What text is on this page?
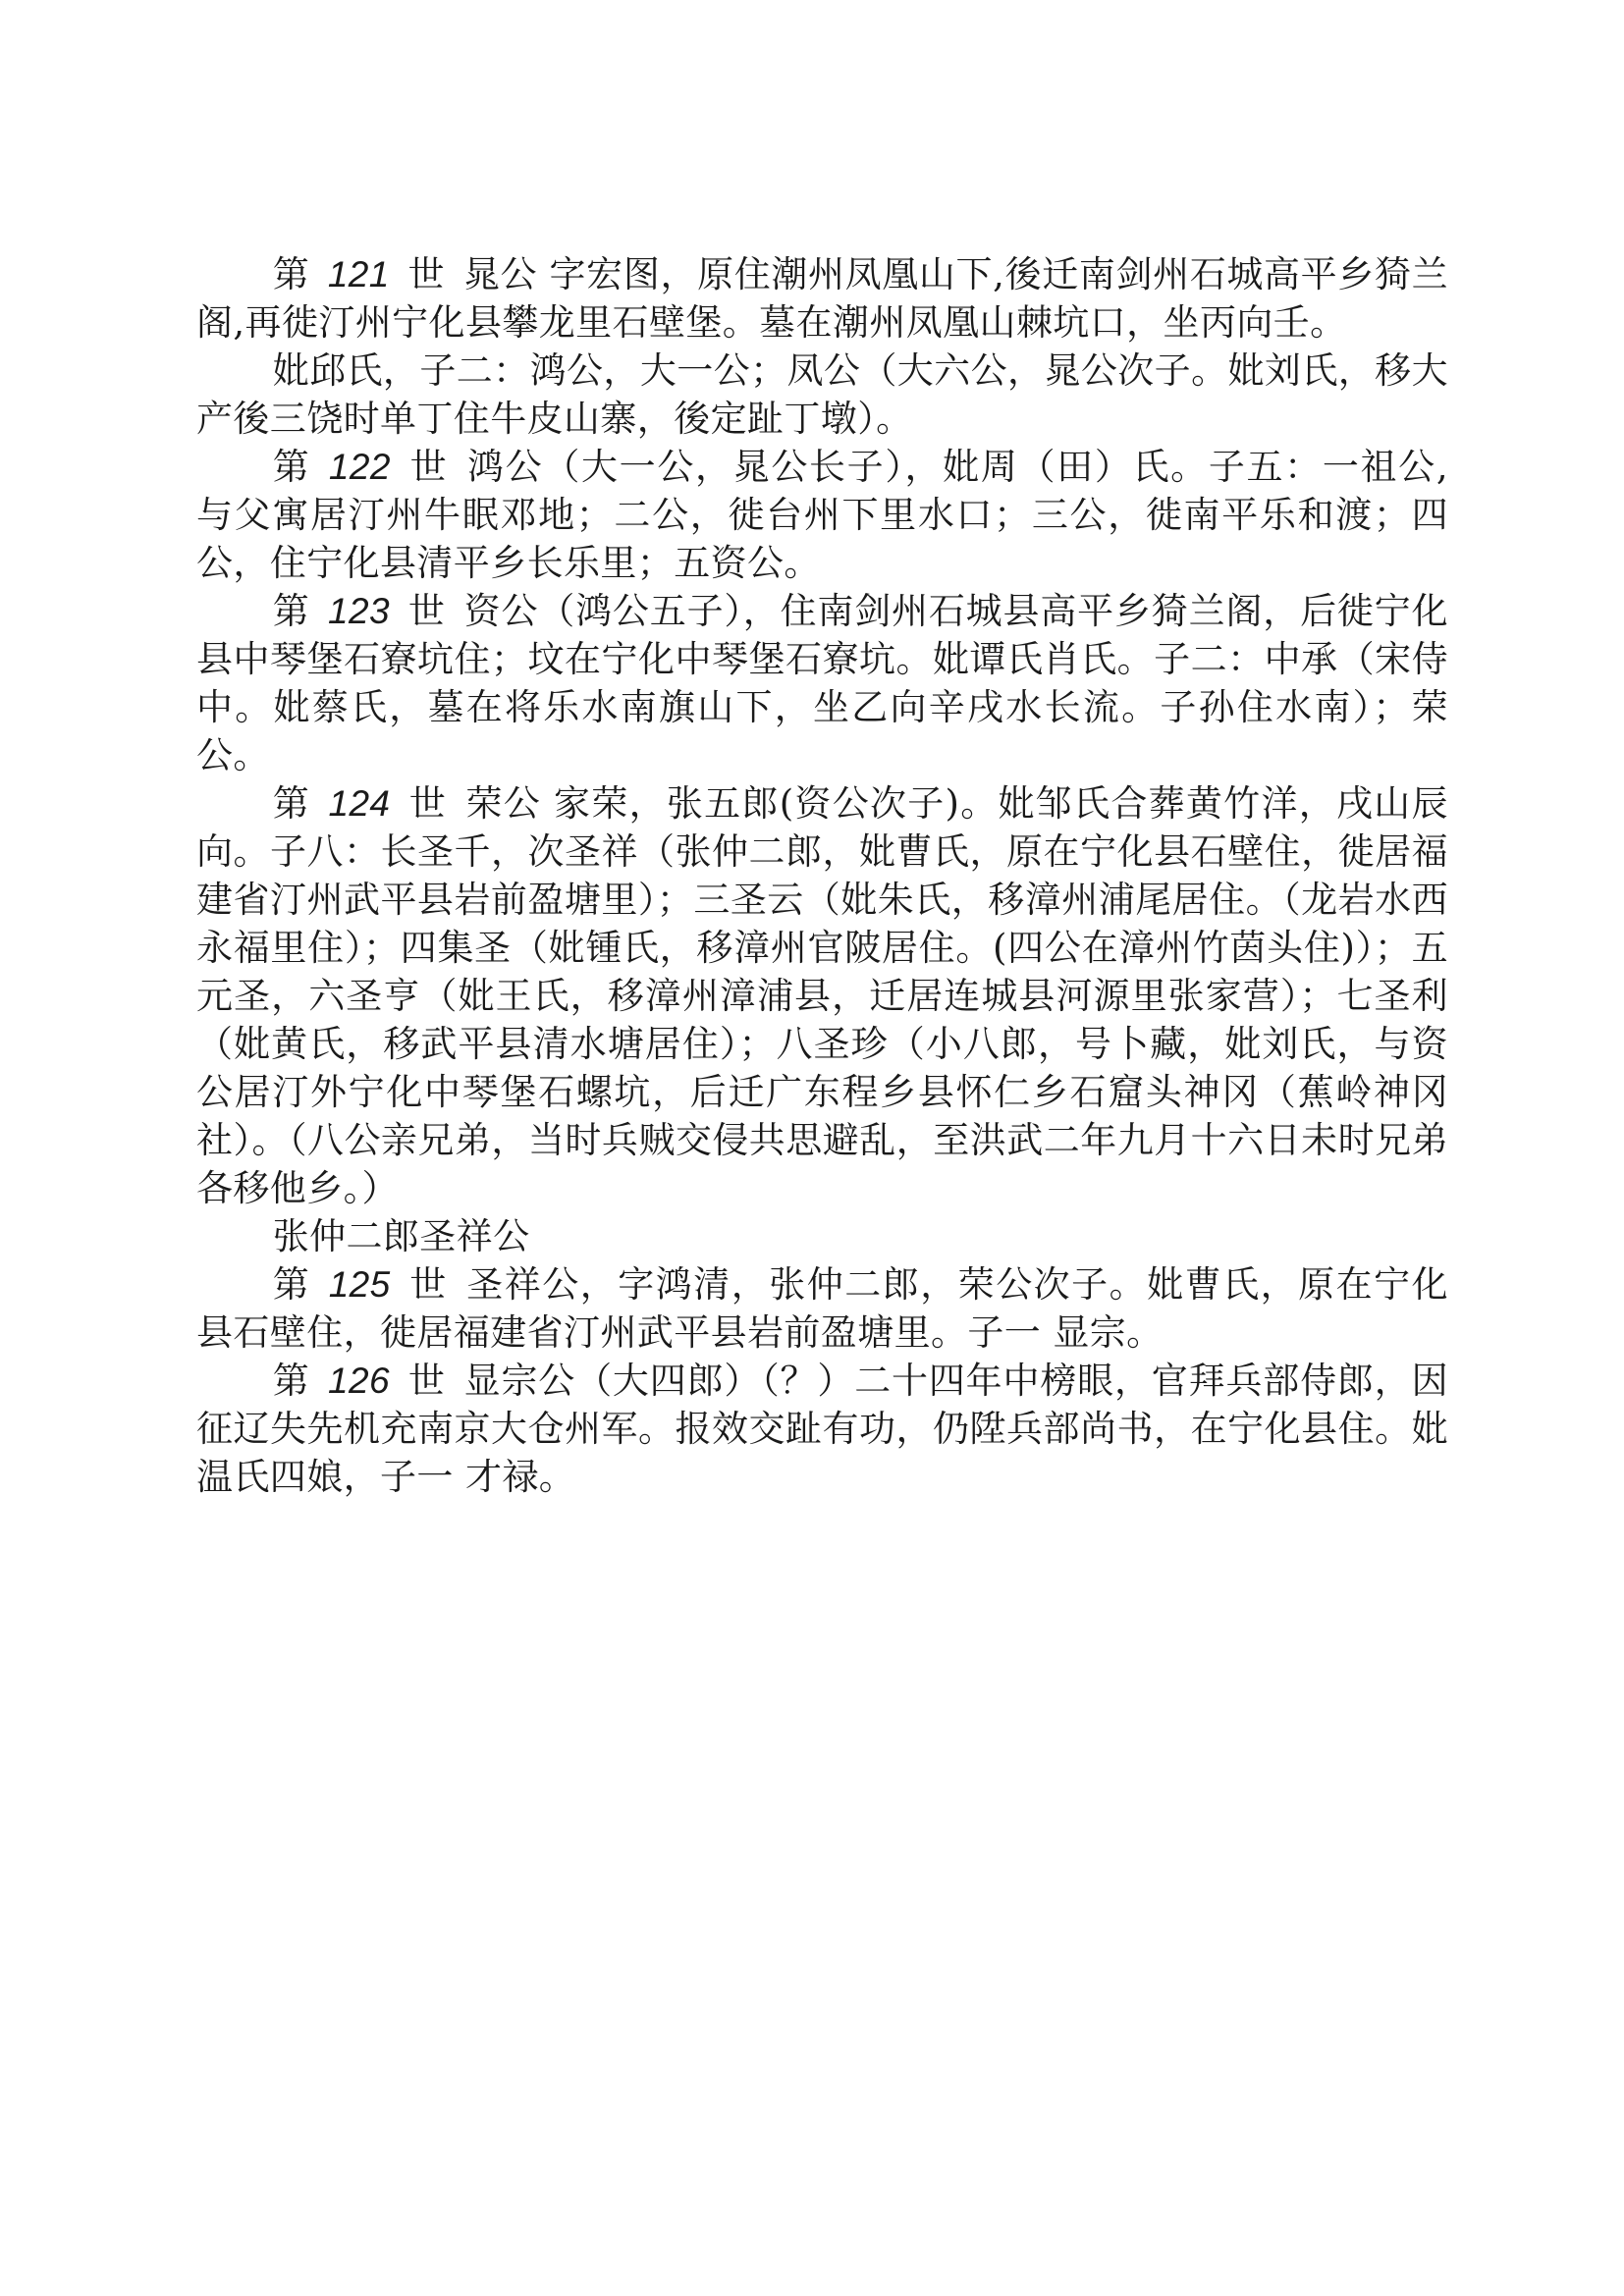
第 121 世 晁公 字宏图，原住潮州凤凰山下,後迁南剑州石城高平乡猗兰阁,再徙汀州宁化县攀龙里石壁堡。墓在潮州凤凰山棘坑口，坐丙向壬。

妣邱氏，子二：鸿公，大一公；凤公（大六公，晁公次子。妣刘氏，移大产後三饶时单丁住牛皮山寨，後定趾丁墩）。

第 122 世 鸿公（大一公，晁公长子），妣周（田）氏。子五：一祖公, 与父寓居汀州牛眠邓地；二公，徙台州下里水口；三公，徙南平乐和渡；四公，住宁化县清平乡长乐里；五资公。

第 123 世 资公（鸿公五子），住南剑州石城县高平乡猗兰阁，后徙宁化县中琴堡石寮坑住；坟在宁化中琴堡石寮坑。妣谭氏肖氏。子二：中承（宋侍中。妣蔡氏，墓在将乐水南旗山下，坐乙向辛戌水长流。子孙住水南）；荣公。

第 124 世 荣公 家荣，张五郎(资公次子)。妣邹氏合葬黄竹洋，戌山辰向。子八：长圣千，次圣祥（张仲二郎，妣曹氏，原在宁化县石壁住，徙居福建省汀州武平县岩前盈塘里）；三圣云（妣朱氏，移漳州浦尾居住。（龙岩水西永福里住）；四集圣（妣锺氏，移漳州官陂居住。(四公在漳州竹茵头住)）；五元圣，六圣亨（妣王氏，移漳州漳浦县，迁居连城县河源里张家营）；七圣利（妣黄氏，移武平县清水塘居住）；八圣珍（小八郎，号卜藏，妣刘氏，与资公居汀外宁化中琴堡石螺坑，后迁广东程乡县怀仁乡石窟头神冈（蕉岭神冈社）。（八公亲兄弟，当时兵贼交侵共思避乱，至洪武二年九月十六日未时兄弟各移他乡。）

张仲二郎圣祥公

第 125 世 圣祥公，字鸿清，张仲二郎，荣公次子。妣曹氏，原在宁化县石壁住，徙居福建省汀州武平县岩前盈塘里。子一 显宗。

第 126 世 显宗公（大四郎）（？）二十四年中榜眼，官拜兵部侍郎，因征辽失先机充南京大仓州军。报效交趾有功，仍陞兵部尚书，在宁化县住。妣温氏四娘，子一 才禄。
